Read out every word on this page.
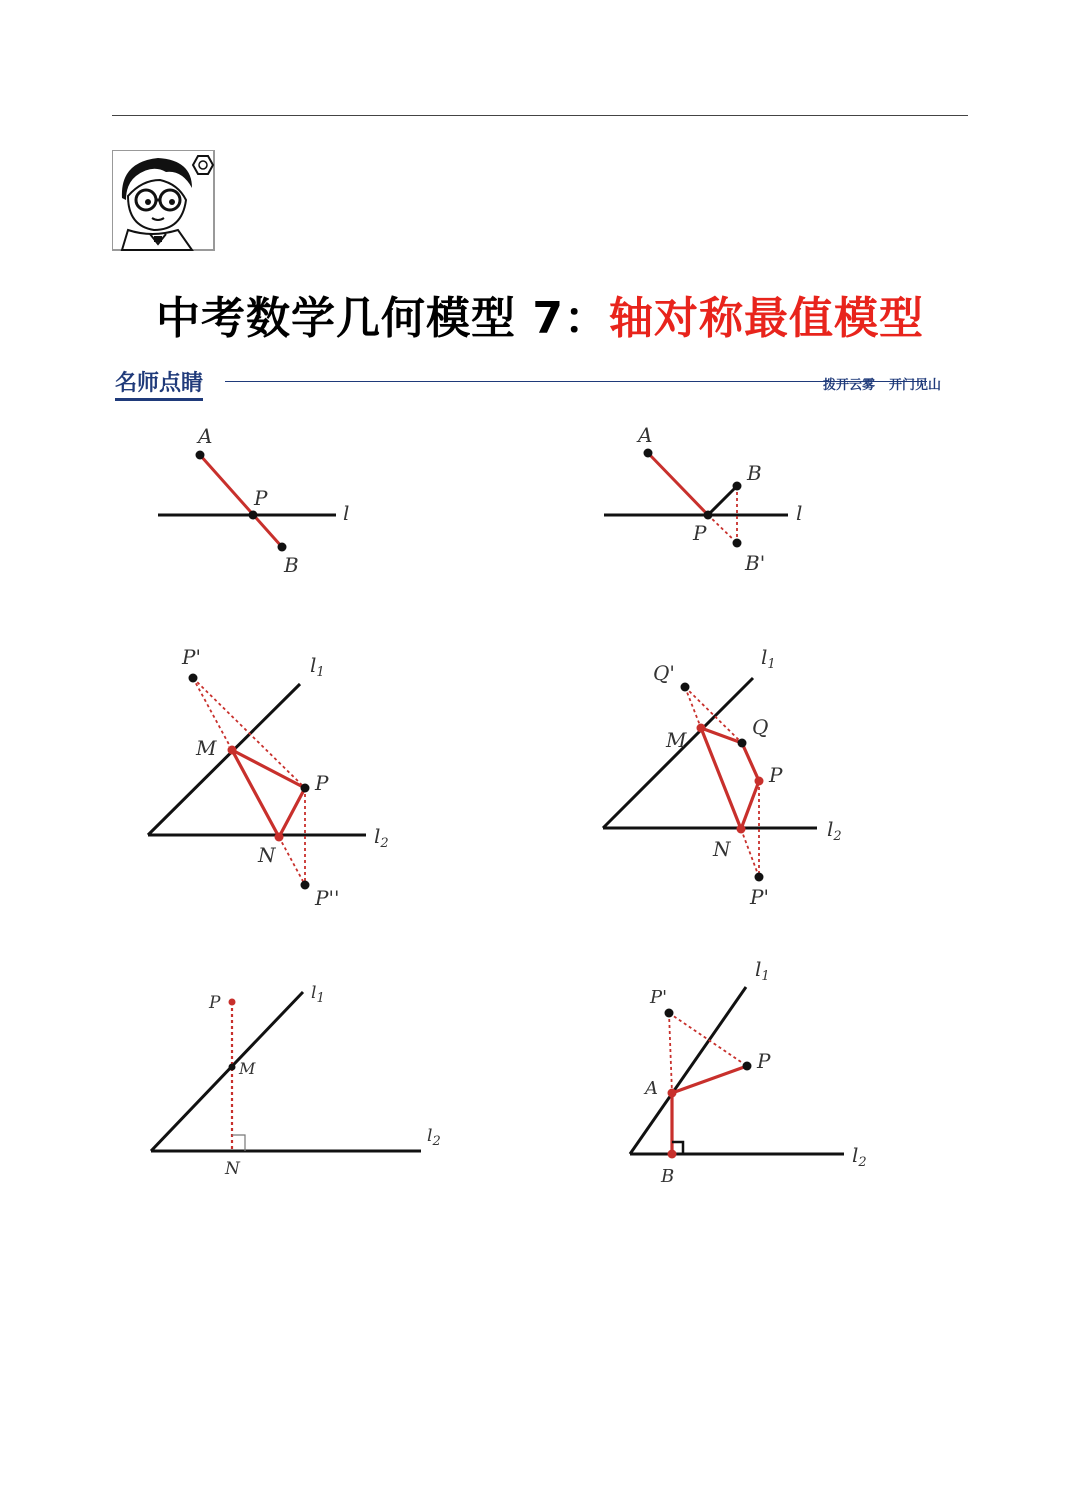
中考数学几何模型 7：轴对称最值模型
名师点睛	拨开云雾 开门见山
A
P
B
l
A
B
P
B'
l
P'	$l_1$
M
P
N
$l_2$
P''
Q'
$l_1$
M
Q
P
N
$l_2$
P'
P	$l_1$
M
$l_2$
N
$l_1$
P'
P
A
$l_2$
B
